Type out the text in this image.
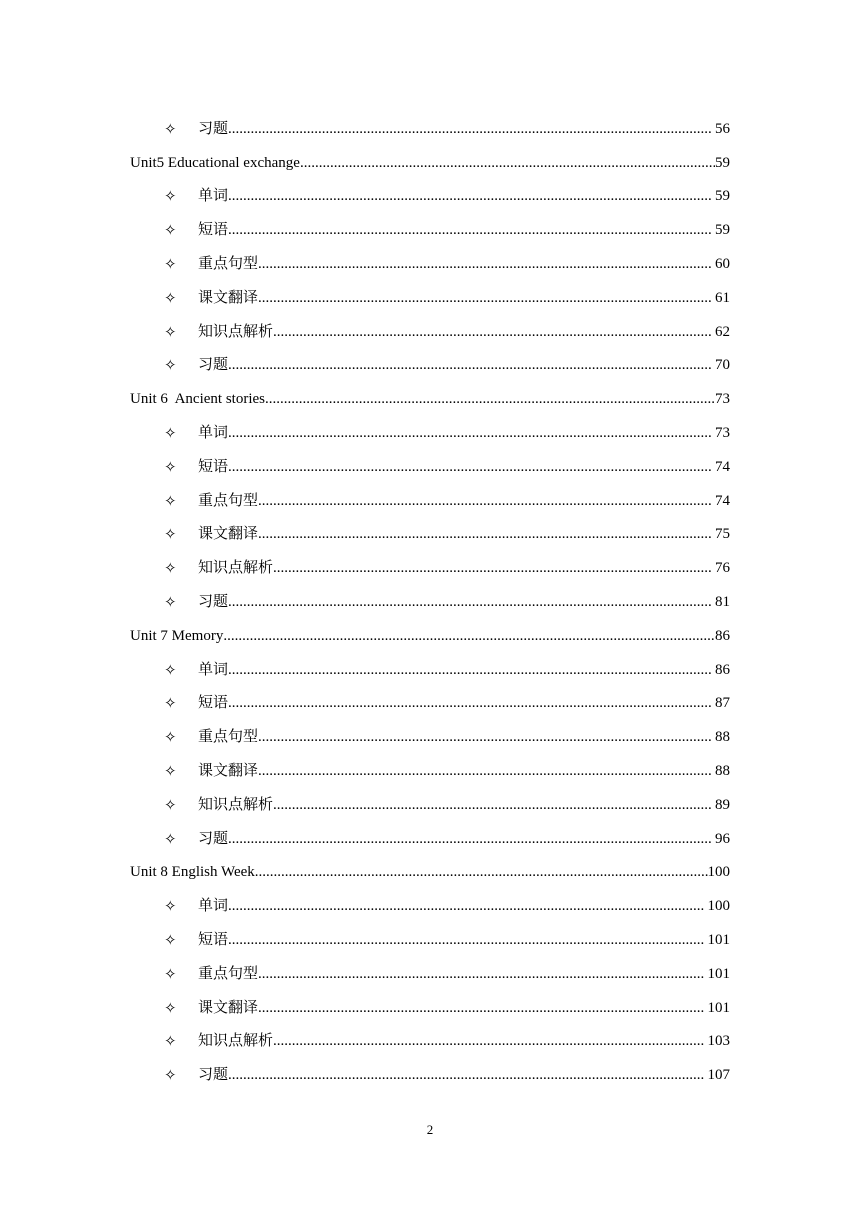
✧	习题 .....	56
Unit5 Educational exchange .....	59
✧	单词 .....	59
✧	短语 .....	59
✧	重点句型 .....	60
✧	课文翻译 .....	61
✧	知识点解析 .....	62
✧	习题 .....	70
Unit 6  Ancient stories .....	73
✧	单词 .....	73
✧	短语 .....	74
✧	重点句型 .....	74
✧	课文翻译 .....	75
✧	知识点解析 .....	76
✧	习题 .....	81
Unit 7 Memory .....	86
✧	单词 .....	86
✧	短语 .....	87
✧	重点句型 .....	88
✧	课文翻译 .....	88
✧	知识点解析 .....	89
✧	习题 .....	96
Unit 8 English Week .....	100
✧	单词 .....	100
✧	短语 .....	101
✧	重点句型 .....	101
✧	课文翻译 .....	101
✧	知识点解析 .....	103
✧	习题 .....	107
2
